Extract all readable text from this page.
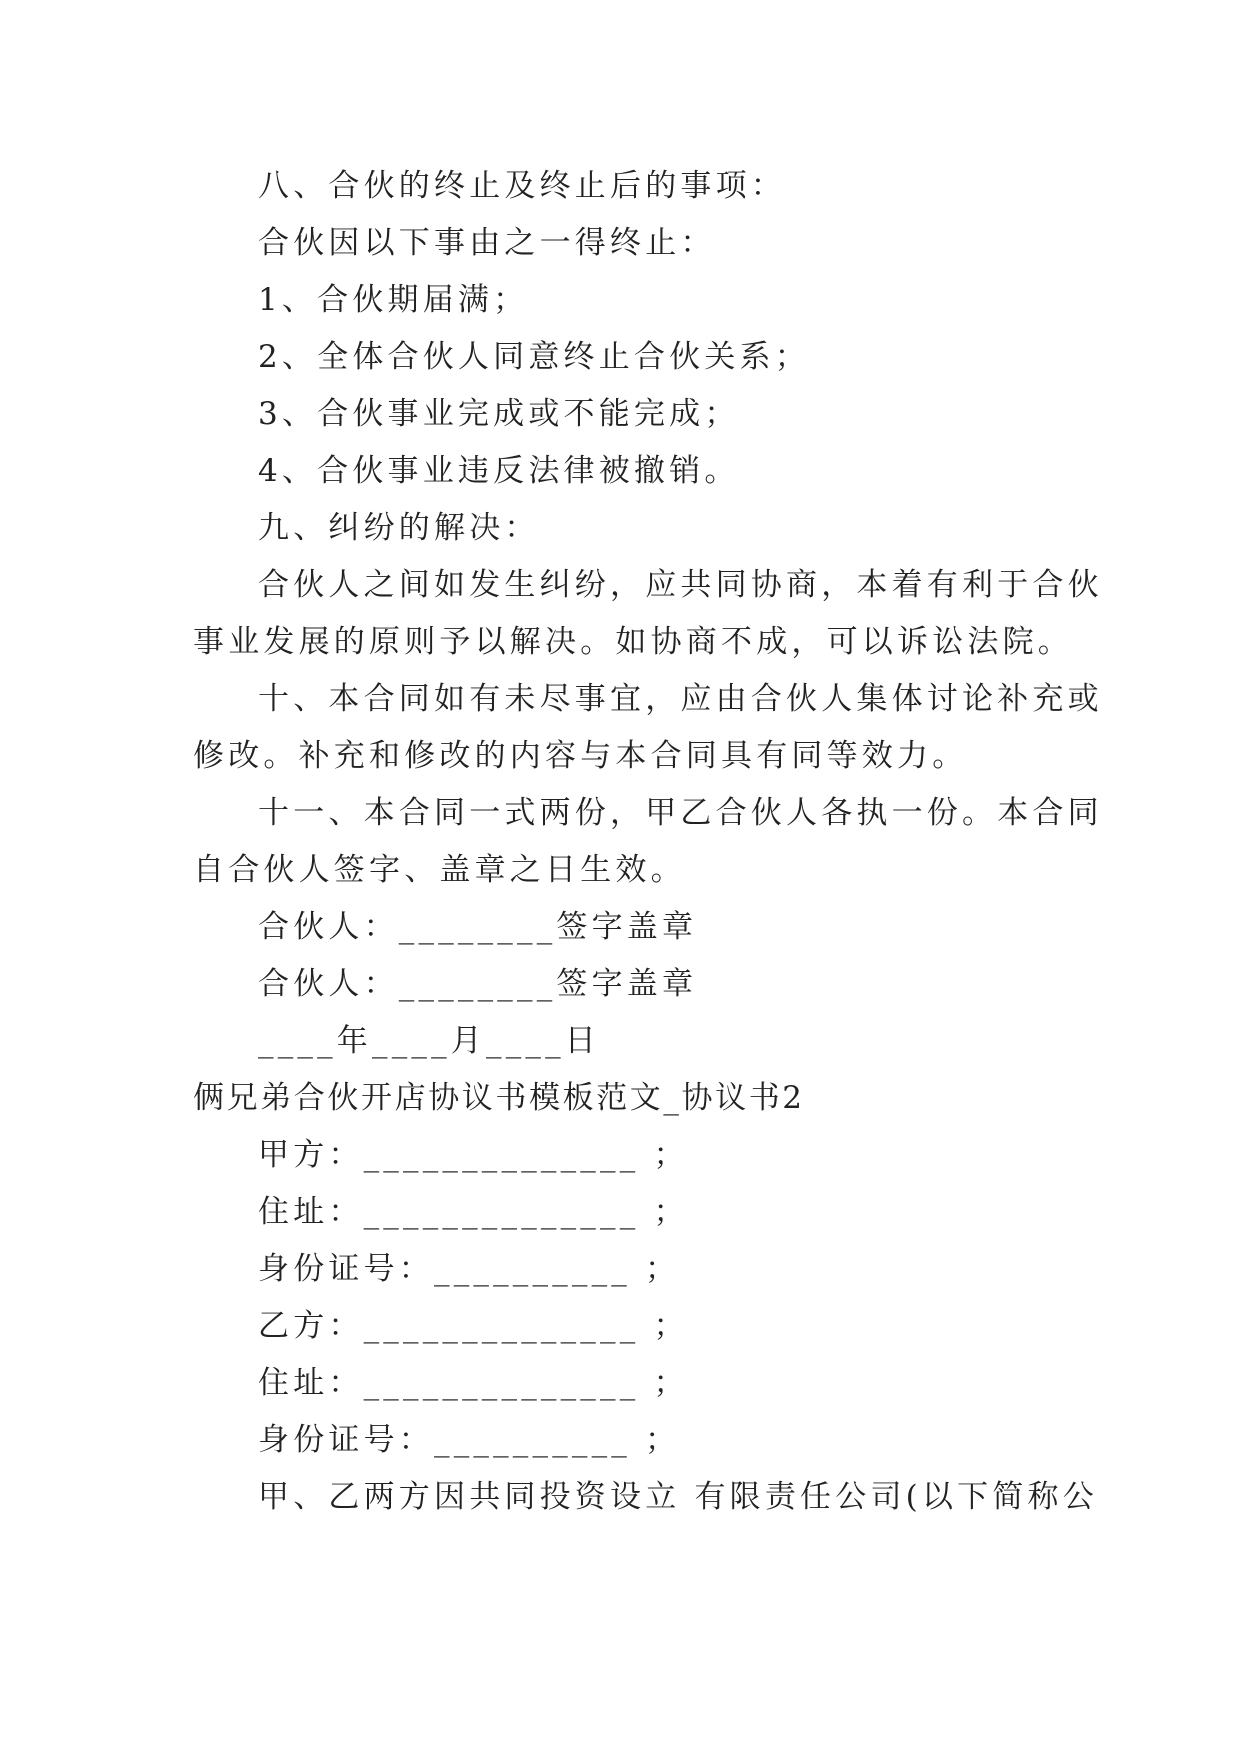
八、合伙的终止及终止后的事项：
合伙因以下事由之一得终止：
1、合伙期届满；
2、全体合伙人同意终止合伙关系；
3、合伙事业完成或不能完成；
4、合伙事业违反法律被撤销。
九、纠纷的解决：
合伙人之间如发生纠纷，应共同协商，本着有利于合伙
事业发展的原则予以解决。如协商不成，可以诉讼法院。
十、本合同如有未尽事宜，应由合伙人集体讨论补充或
修改。补充和修改的内容与本合同具有同等效力。
十一、本合同一式两份，甲乙合伙人各执一份。本合同
自合伙人签字、盖章之日生效。
合伙人：________签字盖章
合伙人：________签字盖章
____年____月____日
俩兄弟合伙开店协议书模板范文_协议书2
甲方：______________ ；
住址：______________ ；
身份证号：__________ ；
乙方：______________ ；
住址：______________ ；
身份证号：__________ ；
甲、乙两方因共同投资设立 有限责任公司(以下简称公
